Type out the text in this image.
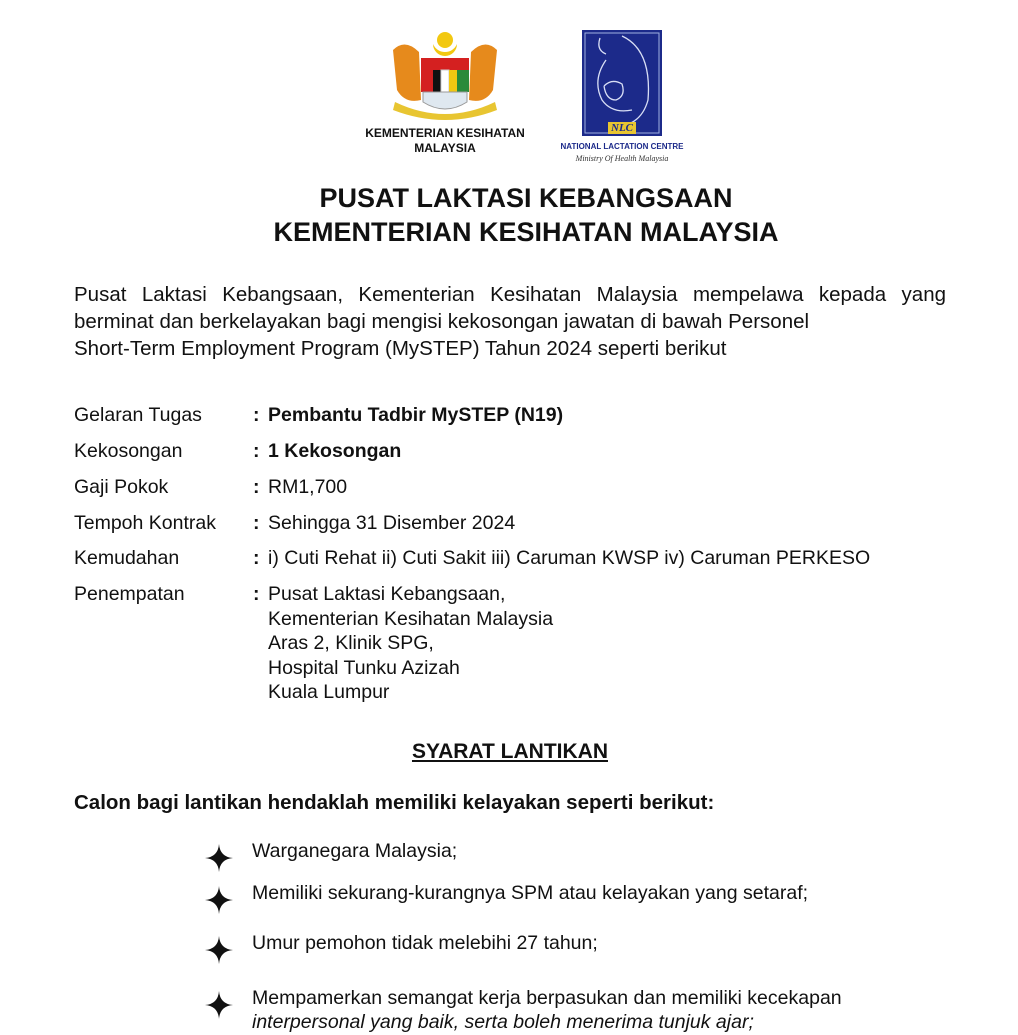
KEMENTERIAN KESIHATAN
MALAYSIA
NLC
NATIONAL LACTATION CENTRE
Ministry Of Health Malaysia
PUSAT LAKTASI KEBANGSAAN
KEMENTERIAN KESIHATAN MALAYSIA
Pusat Laktasi Kebangsaan, Kementerian Kesihatan Malaysia mempelawa kepada yang berminat dan berkelayakan bagi mengisi kekosongan jawatan di bawah Personel
Short-Term Employment Program (MySTEP) Tahun 2024 seperti berikut
Gelaran Tugas	: Pembantu Tadbir MySTEP (N19)
Kekosongan	: 1 Kekosongan
Gaji Pokok	: RM1,700
Tempoh Kontrak : Sehingga 31 Disember 2024
Kemudahan	: i) Cuti Rehat ii) Cuti Sakit iii) Caruman KWSP iv) Caruman PERKESO
Penempatan	: Pusat Laktasi Kebangsaan,
Kementerian Kesihatan Malaysia
Aras 2, Klinik SPG,
Hospital Tunku Azizah
Kuala Lumpur
SYARAT LANTIKAN
Calon bagi lantikan hendaklah memiliki kelayakan seperti berikut:
Warganegara Malaysia;
Memiliki sekurang-kurangnya SPM atau kelayakan yang setaraf;
Umur pemohon tidak melebihi 27 tahun;
Mempamerkan semangat kerja berpasukan dan memiliki kecekapan
interpersonal yang baik, serta boleh menerima tunjuk ajar;
